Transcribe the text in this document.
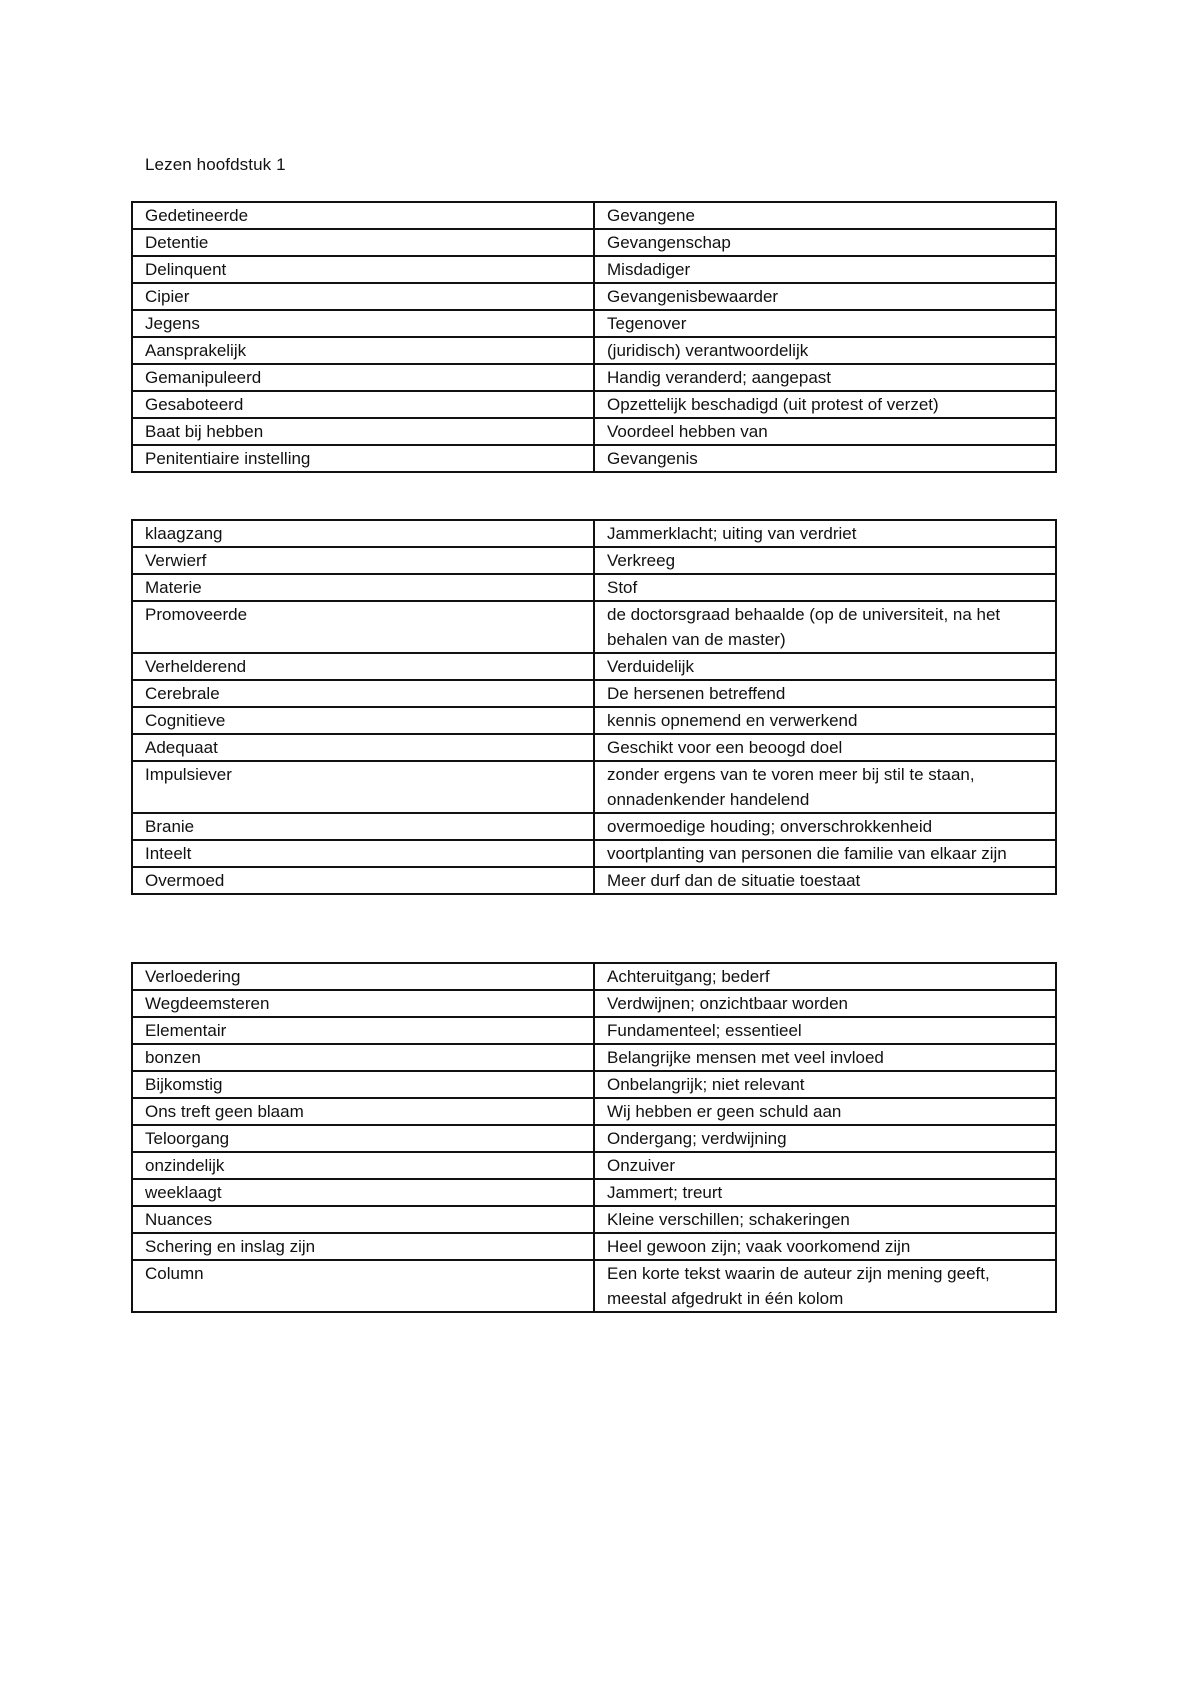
Lezen hoofdstuk 1
Gedetineerde	Gevangene
Detentie	Gevangenschap
Delinquent	Misdadiger
Cipier	Gevangenisbewaarder
Jegens	Tegenover
Aansprakelijk	(juridisch) verantwoordelijk
Gemanipuleerd	Handig veranderd; aangepast
Gesaboteerd	Opzettelijk beschadigd (uit protest of verzet)
Baat bij hebben	Voordeel hebben van
Penitentiaire instelling	Gevangenis
klaagzang	Jammerklacht; uiting van verdriet
Verwierf	Verkreeg
Materie	Stof
Promoveerde	de doctorsgraad behaalde (op de universiteit, na het behalen van de master)
Verhelderend	Verduidelijk
Cerebrale	De hersenen betreffend
Cognitieve	kennis opnemend en verwerkend
Adequaat	Geschikt voor een beoogd doel
Impulsiever	zonder ergens van te voren meer bij stil te staan, onnadenkender handelend
Branie	overmoedige houding; onverschrokkenheid
Inteelt	voortplanting van personen die familie van elkaar zijn
Overmoed	Meer durf dan de situatie toestaat
Verloedering	Achteruitgang; bederf
Wegdeemsteren	Verdwijnen; onzichtbaar worden
Elementair	Fundamenteel; essentieel
bonzen	Belangrijke mensen met veel invloed
Bijkomstig	Onbelangrijk; niet relevant
Ons treft geen blaam	Wij hebben er geen schuld aan
Teloorgang	Ondergang; verdwijning
onzindelijk	Onzuiver
weeklaagt	Jammert; treurt
Nuances	Kleine verschillen; schakeringen
Schering en inslag zijn	Heel gewoon zijn; vaak voorkomend zijn
Column	Een korte tekst waarin de auteur zijn mening geeft, meestal afgedrukt in één kolom
